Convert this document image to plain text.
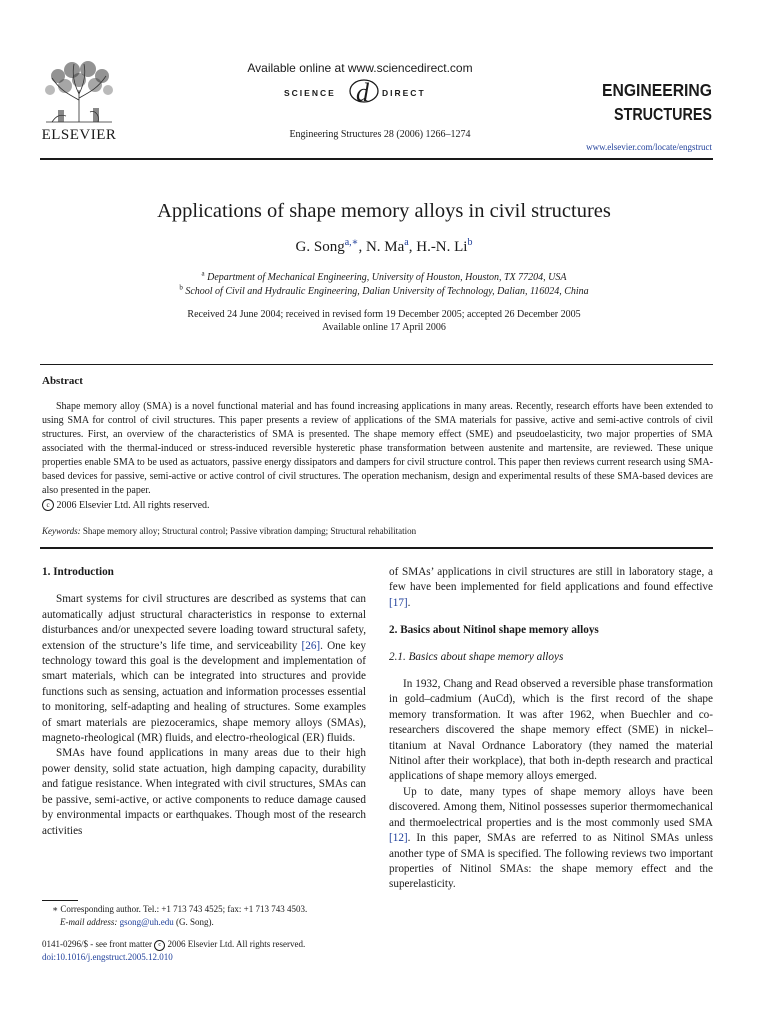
ELSEVIER
Available online at www.sciencedirect.com
SCIENCE d DIRECT
Engineering Structures 28 (2006) 1266–1274
ENGINEERING
STRUCTURES
www.elsevier.com/locate/engstruct
Applications of shape memory alloys in civil structures
G. Song$^{a,∗}$, N. Ma$^a$, H.-N. Li$^b$
$^a$ Department of Mechanical Engineering, University of Houston, Houston, TX 77204, USA
$^b$ School of Civil and Hydraulic Engineering, Dalian University of Technology, Dalian, 116024, China
Received 24 June 2004; received in revised form 19 December 2005; accepted 26 December 2005
Available online 17 April 2006
Abstract

Shape memory alloy (SMA) is a novel functional material and has found increasing applications in many areas. Recently, research efforts have been extended to using SMA for control of civil structures. This paper presents a review of applications of the SMA materials for passive, active and semi-active controls of civil structures. First, an overview of the characteristics of SMA is presented. The shape memory effect (SME) and pseudoelasticity, two major properties of SMA associated with the thermal-induced or stress-induced reversible hysteretic phase transformation between austenite and martensite, are reviewed. These unique properties enable SMA to be used as actuators, passive energy dissipators and dampers for civil structure control. This paper then reviews current research using SMA-based devices for passive, semi-active or active control of civil structures. The operation mechanism, design and experimental results of these SMA-based devices are also presented in the paper.

c 2006 Elsevier Ltd. All rights reserved.
Keywords: Shape memory alloy; Structural control; Passive vibration damping; Structural rehabilitation

1. Introduction

Smart systems for civil structures are described as systems that can automatically adjust structural characteristics in response to external disturbances and/or unexpected severe loading toward structural safety, extension of the structure’s life time, and serviceability [26]. One key technology toward this goal is the development and implementation of smart materials, which can be integrated into structures and provide functions such as sensing, actuation and information processes essential to monitoring, self-adapting and healing of structures. Some examples of smart materials are piezoceramics, shape memory alloys (SMAs), magneto-rheological (MR) fluids, and electro-rheological (ER) fluids.

SMAs have found applications in many areas due to their high power density, solid state actuation, high damping capacity, durability and fatigue resistance. When integrated with civil structures, SMAs can be passive, semi-active, or active components to reduce damage caused by environmental impacts or earthquakes. Though most of the research activities

of SMAs’ applications in civil structures are still in laboratory stage, a few have been implemented for field applications and found effective [17].

2. Basics about Nitinol shape memory alloys

2.1. Basics about shape memory alloys

In 1932, Chang and Read observed a reversible phase transformation in gold–cadmium (AuCd), which is the first record of the shape memory transformation. It was after 1962, when Buechler and co-researchers discovered the shape memory effect (SME) in nickel–titanium at Naval Ordnance Laboratory (they named the material Nitinol after their workplace), that both in-depth research and practical applications of shape memory alloys emerged.

Up to date, many types of shape memory alloys have been discovered. Among them, Nitinol possesses superior thermomechanical and thermoelectrical properties and is the most commonly used SMA [12]. In this paper, SMAs are referred to as Nitinol SMAs unless another type of SMA is specified. The following reviews two important properties of Nitinol SMAs: the shape memory effect and the superelasticity.

∗ Corresponding author. Tel.: +1 713 743 4525; fax: +1 713 743 4503.
E-mail address: gsong@uh.edu (G. Song).
0141-0296/$ - see front matter c 2006 Elsevier Ltd. All rights reserved.
doi:10.1016/j.engstruct.2005.12.010
